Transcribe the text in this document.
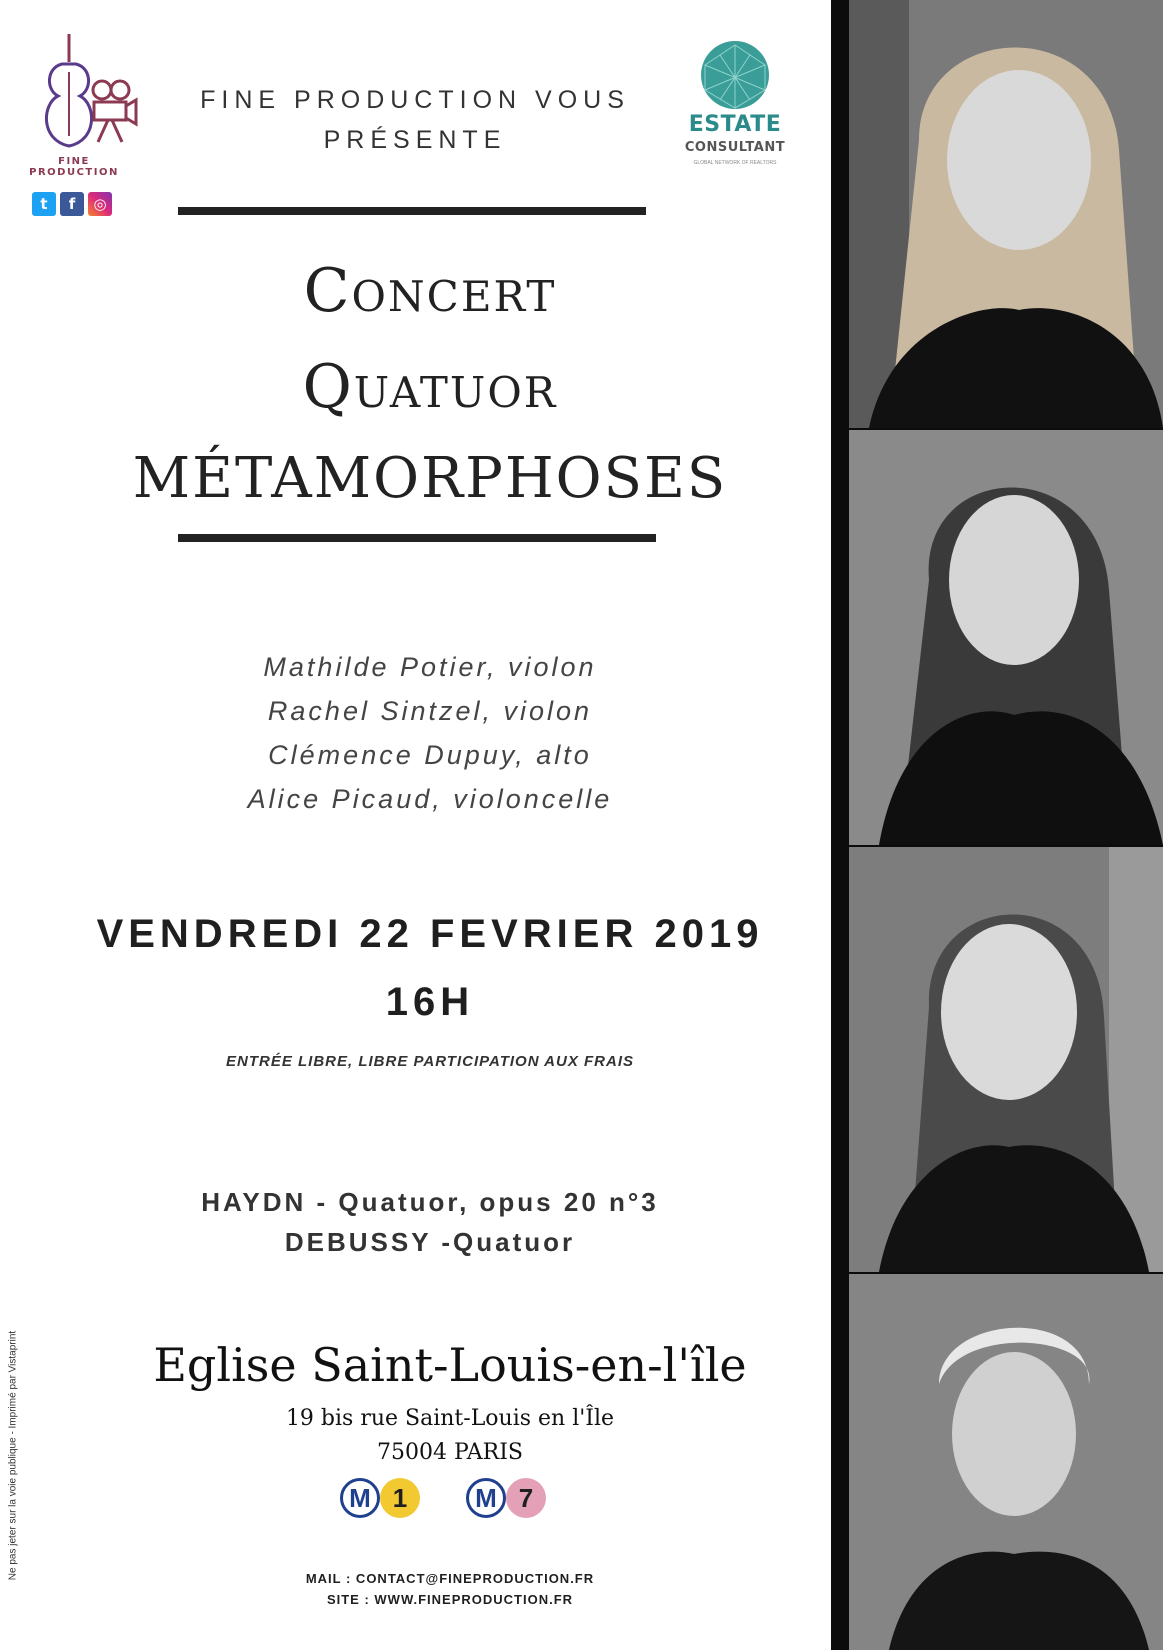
FINE
PRODUCTION
t	f	◎
FINE PRODUCTION VOUS
PRÉSENTE
ESTATE
CONSULTANT
GLOBAL NETWORK OF REALTORS
Concert
Quatuor
MÉTAMORPHOSES
Mathilde Potier, violon
Rachel Sintzel, violon
Clémence Dupuy, alto
Alice Picaud, violoncelle
VENDREDI 22 FEVRIER 2019
16H
ENTRÉE LIBRE, LIBRE PARTICIPATION AUX FRAIS
HAYDN - Quatuor, opus 20 n°3
DEBUSSY -Quatuor
Eglise Saint-Louis-en-l'île
19 bis rue Saint-Louis en l'Île
75004 PARIS
M 1	M 7
MAIL : CONTACT@FINEPRODUCTION.FR
SITE : WWW.FINEPRODUCTION.FR
Ne pas jeter sur la voie publique - Imprimé par Vistaprint
